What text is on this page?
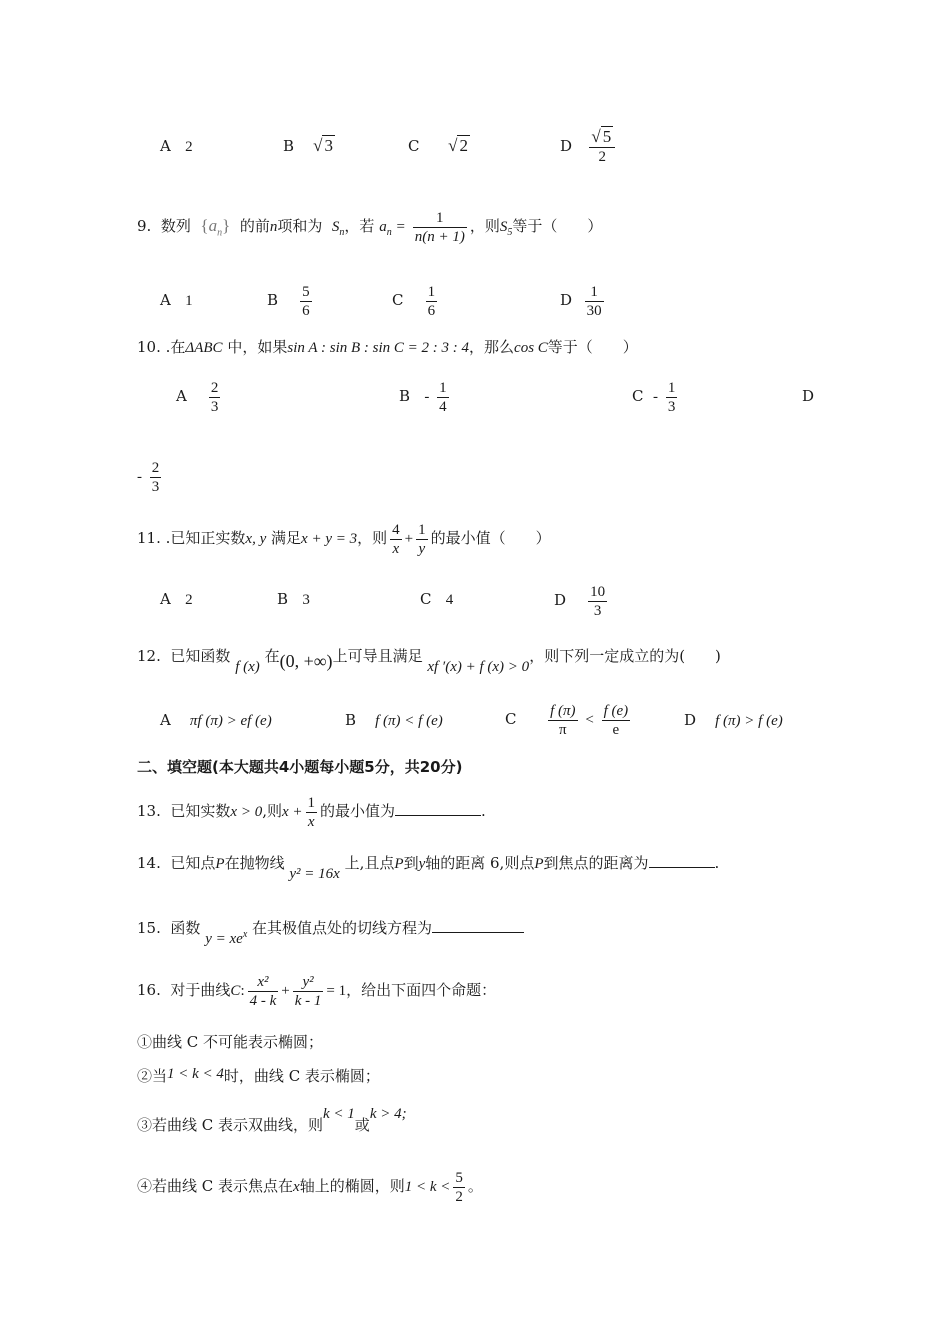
A 2	B √ 3	C √ 2	D $\frac{√ 5}{2}$
9. 数列 $\{a_n\}$ 的前n项和为 $S_n$，若 $a_n = \frac{1}{n(n + 1)}$ ，则$S_5$等于（　　）
A 1	B $\frac{5}{6}$	C $\frac{1}{6}$	D $\frac{1}{30}$
10. .在ΔABC 中，如果sin A : sin B : sin C = 2 : 3 : 4，那么cos C等于（　　）
A $\frac{2}{3}$	B - $\frac{1}{4}$	C - $\frac{1}{3}$	D
- $\frac{2}{3}$
11. .已知正实数x, y 满足x + y = 3，则 $\frac{4}{x} + \frac{1}{y}$ 的最小值（　　）
A 2	B 3	C 4	D $\frac{10}{3}$
12. 已知函数 f (x) 在(0, +∞)上可导且满足 xf ′(x) + f (x) > 0，则下列一定成立的为(　　)
A πf (π) > ef (e)	B f (π) < f (e)	C $\frac{f (\pi)}{\pi} < \frac{f (e)}{e}$	D f (π) > f (e)
二、填空题(本大题共4小题每小题5分，共20分)
13. 已知实数x > 0,则$x + \frac{1}{x}$ 的最小值为	.
14. 已知点P在抛物线 y² = 16x 上,且点P到y轴的距离 6,则点P到焦点的距离为	.
15. 函数 $y = xe^x$ 在其极值点处的切线方程为
16. 对于曲线C: $\frac{\text{x²}}{4 - k} + \frac{\text{y²}}{k - 1} = 1$，给出下面四个命题：
①曲线 C 不可能表示椭圆；
②当1 < k < 4时，曲线 C 表示椭圆；
③若曲线 C 表示双曲线，则k < 1或k > 4;
④若曲线 C 表示焦点在x轴上的椭圆，则$1 < k < \frac{5}{2}$ 。
